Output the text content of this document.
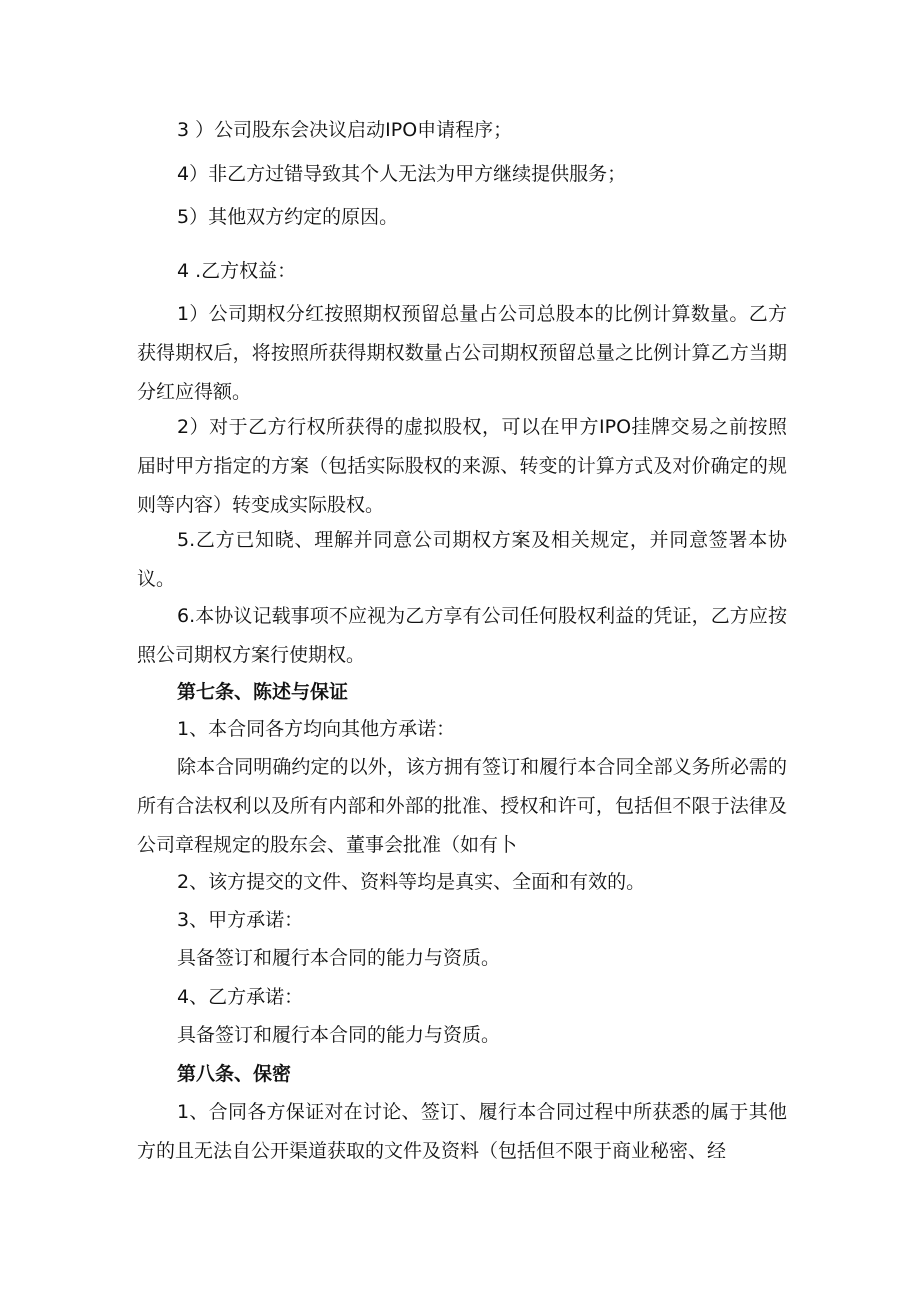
3 ）公司股东会决议启动IPO申请程序；

4）非乙方过错导致其个人无法为甲方继续提供服务；

5）其他双方约定的原因。

4 .乙方权益：

1）公司期权分红按照期权预留总量占公司总股本的比例计算数量。乙方获得期权后，将按照所获得期权数量占公司期权预留总量之比例计算乙方当期分红应得额。

2）对于乙方行权所获得的虚拟股权，可以在甲方IPO挂牌交易之前按照届时甲方指定的方案（包括实际股权的来源、转变的计算方式及对价确定的规则等内容）转变成实际股权。

5.乙方已知晓、理解并同意公司期权方案及相关规定，并同意签署本协议。

6.本协议记载事项不应视为乙方享有公司任何股权利益的凭证，乙方应按照公司期权方案行使期权。

第七条、陈述与保证

1、本合同各方均向其他方承诺：

除本合同明确约定的以外，该方拥有签订和履行本合同全部义务所必需的所有合法权利以及所有内部和外部的批准、授权和许可，包括但不限于法律及公司章程规定的股东会、董事会批准（如有卜

2、该方提交的文件、资料等均是真实、全面和有效的。

3、甲方承诺：

具备签订和履行本合同的能力与资质。

4、乙方承诺：

具备签订和履行本合同的能力与资质。

第八条、保密

1、合同各方保证对在讨论、签订、履行本合同过程中所获悉的属于其他方的且无法自公开渠道获取的文件及资料（包括但不限于商业秘密、经
